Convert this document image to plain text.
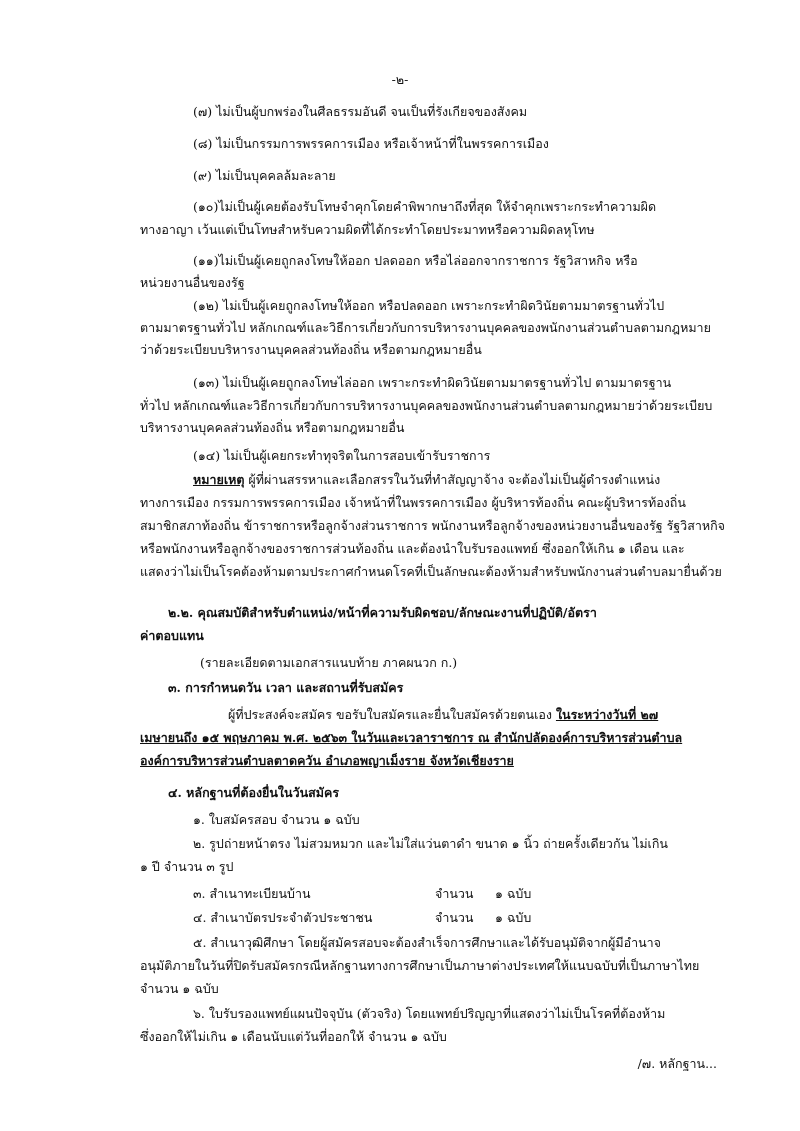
-๒-
(๗) ไม่เป็นผู้บกพร่องในศีลธรรมอันดี จนเป็นที่รังเกียจของสังคม
(๘) ไม่เป็นกรรมการพรรคการเมือง หรือเจ้าหน้าที่ในพรรคการเมือง
(๙) ไม่เป็นบุคคลล้มละลาย
(๑๐)ไม่เป็นผู้เคยต้องรับโทษจำคุกโดยคำพิพากษาถึงที่สุด ให้จำคุกเพราะกระทำความผิด
ทางอาญา เว้นแต่เป็นโทษสำหรับความผิดที่ได้กระทำโดยประมาทหรือความผิดลหุโทษ
(๑๑)ไม่เป็นผู้เคยถูกลงโทษให้ออก ปลดออก หรือไล่ออกจากราชการ รัฐวิสาหกิจ หรือ
หน่วยงานอื่นของรัฐ
(๑๒) ไม่เป็นผู้เคยถูกลงโทษให้ออก หรือปลดออก เพราะกระทำผิดวินัยตามมาตรฐานทั่วไป
ตามมาตรฐานทั่วไป หลักเกณฑ์และวิธีการเกี่ยวกับการบริหารงานบุคคลของพนักงานส่วนตำบลตามกฎหมาย
ว่าด้วยระเบียบบริหารงานบุคคลส่วนท้องถิ่น หรือตามกฎหมายอื่น
(๑๓) ไม่เป็นผู้เคยถูกลงโทษไล่ออก เพราะกระทำผิดวินัยตามมาตรฐานทั่วไป ตามมาตรฐาน
ทั่วไป หลักเกณฑ์และวิธีการเกี่ยวกับการบริหารงานบุคคลของพนักงานส่วนตำบลตามกฎหมายว่าด้วยระเบียบ
บริหารงานบุคคลส่วนท้องถิ่น หรือตามกฎหมายอื่น
(๑๔) ไม่เป็นผู้เคยกระทำทุจริตในการสอบเข้ารับราชการ
หมายเหตุ ผู้ที่ผ่านสรรหาและเลือกสรรในวันที่ทำสัญญาจ้าง จะต้องไม่เป็นผู้ดำรงตำแหน่ง
ทางการเมือง กรรมการพรรคการเมือง เจ้าหน้าที่ในพรรคการเมือง ผู้บริหารท้องถิ่น คณะผู้บริหารท้องถิ่น
สมาชิกสภาท้องถิ่น ข้าราชการหรือลูกจ้างส่วนราชการ พนักงานหรือลูกจ้างของหน่วยงานอื่นของรัฐ รัฐวิสาหกิจ
หรือพนักงานหรือลูกจ้างของราชการส่วนท้องถิ่น และต้องนำใบรับรองแพทย์ ซึ่งออกให้เกิน ๑ เดือน และ
แสดงว่าไม่เป็นโรคต้องห้ามตามประกาศกำหนดโรคที่เป็นลักษณะต้องห้ามสำหรับพนักงานส่วนตำบลมายื่นด้วย
๒.๒. คุณสมบัติสำหรับตำแหน่ง/หน้าที่ความรับผิดชอบ/ลักษณะงานที่ปฏิบัติ/อัตรา
ค่าตอบแทน
(รายละเอียดตามเอกสารแนบท้าย ภาคผนวก ก.)
๓. การกำหนดวัน เวลา และสถานที่รับสมัคร
ผู้ที่ประสงค์จะสมัคร ขอรับใบสมัครและยื่นใบสมัครด้วยตนเอง ในระหว่างวันที่ ๒๗
เมษายนถึง ๑๕ พฤษภาคม พ.ศ. ๒๕๖๓ ในวันและเวลาราชการ ณ สำนักปลัดองค์การบริหารส่วนตำบล
องค์การบริหารส่วนตำบลตาดควัน อำเภอพญาเม็งราย จังหวัดเชียงราย
๔. หลักฐานที่ต้องยื่นในวันสมัคร
๑. ใบสมัครสอบ จำนวน ๑ ฉบับ
๒. รูปถ่ายหน้าตรง ไม่สวมหมวก และไม่ใส่แว่นตาดำ ขนาด ๑ นิ้ว ถ่ายครั้งเดียวกัน ไม่เกิน
๑ ปี จำนวน ๓ รูป
๓. สำเนาทะเบียนบ้าน	จำนวน ๑ ฉบับ
๔. สำเนาบัตรประจำตัวประชาชน	จำนวน ๑ ฉบับ
๕. สำเนาวุฒิศึกษา โดยผู้สมัครสอบจะต้องสำเร็จการศึกษาและได้รับอนุมัติจากผู้มีอำนาจ
อนุมัติภายในวันที่ปิดรับสมัครกรณีหลักฐานทางการศึกษาเป็นภาษาต่างประเทศให้แนบฉบับที่เป็นภาษาไทย
จำนวน ๑ ฉบับ
๖. ใบรับรองแพทย์แผนปัจจุบัน (ตัวจริง) โดยแพทย์ปริญญาที่แสดงว่าไม่เป็นโรคที่ต้องห้าม
ซึ่งออกให้ไม่เกิน ๑ เดือนนับแต่วันที่ออกให้ จำนวน ๑ ฉบับ
/๗. หลักฐาน...
